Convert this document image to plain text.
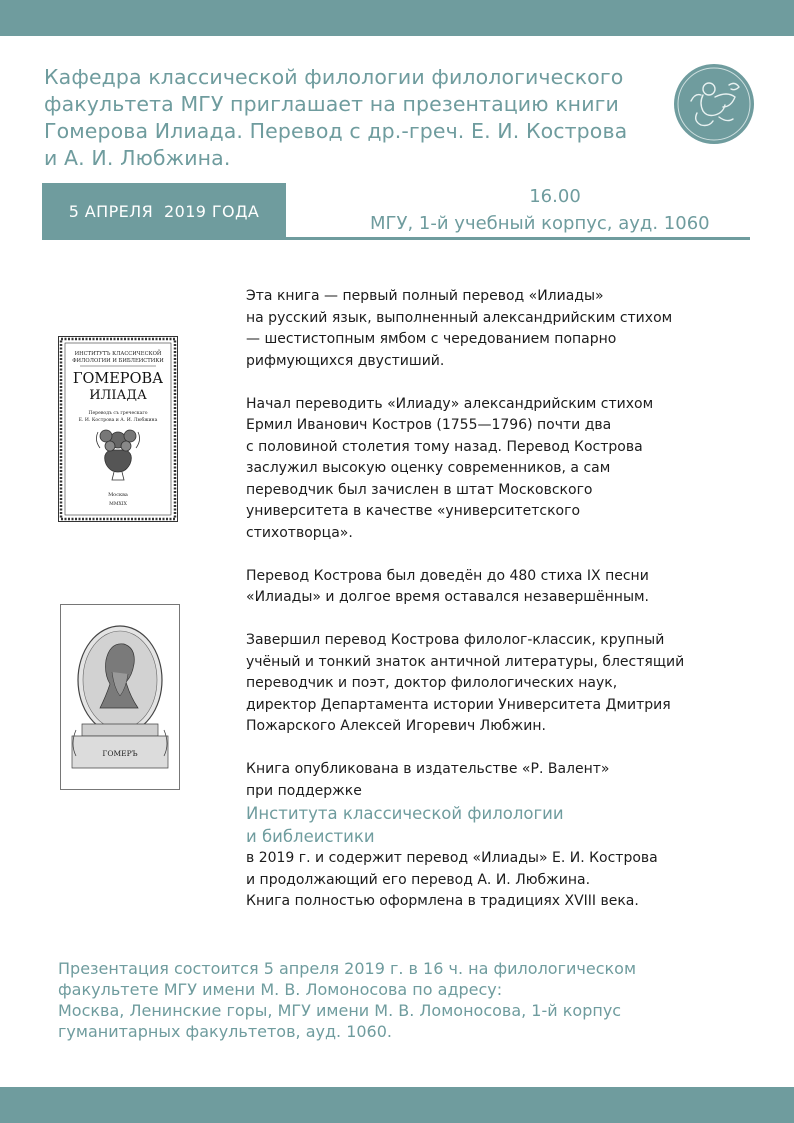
Кафедра классической филологии филологического
факультета МГУ приглашает на презентацию книги
Гомерова Илиада. Перевод с др.-греч. Е. И. Кострова
и А. И. Любжина.
5 АПРЕЛЯ  2019 ГОДА
16.00
МГУ, 1-й учебный корпус, ауд. 1060
ИНСТИТУТЪ КЛАССИЧЕСКОЙ
ФИЛОЛОГИИ И БИБЛЕИСТИКИ
ГОМЕРОВА
ИЛІАДА
Переводъ съ греческаго
Е. И. Кострова и А. И. Любжина
Москва
MMXIX
ГОМЕРЪ

Эта книга — первый полный перевод «Илиады»
на русский язык, выполненный александрийским стихом
— шестистопным ямбом с чередованием попарно
рифмующихся двустиший.

Начал переводить «Илиаду» александрийским стихом
Ермил Иванович Костров (1755—1796) почти два
с половиной столетия тому назад. Перевод Кострова
заслужил высокую оценку современников, а сам
переводчик был зачислен в штат Московского
университета в качестве «университетского
стихотворца».

Перевод Кострова был доведён до 480 стиха IX песни
«Илиады» и долгое время оставался незавершённым.

Завершил перевод Кострова филолог-классик, крупный
учёный и тонкий знаток античной литературы, блестящий
переводчик и поэт, доктор филологических наук,
директор Департамента истории Университета Дмитрия
Пожарского Алексей Игоревич Любжин.

Книга опубликована в издательстве «Р. Валент»
при поддержке
Института классической филологии
и библеистики
в 2019 г. и содержит перевод «Илиады» Е. И. Кострова
и продолжающий его перевод А. И. Любжина.
Книга полностью оформлена в традициях XVIII века.

Презентация состоится 5 апреля 2019 г. в 16 ч. на филологическом
факультете МГУ имени М. В. Ломоносова по адресу:
Москва, Ленинские горы, МГУ имени М. В. Ломоносова, 1-й корпус
гуманитарных факультетов, ауд. 1060.
